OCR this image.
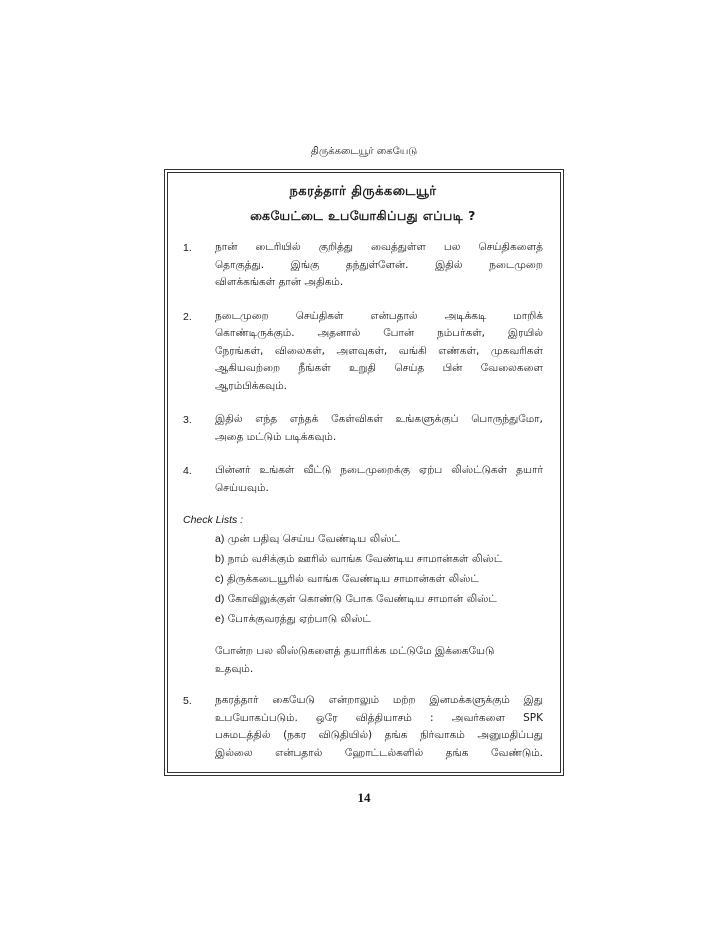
திருக்கடையூர் கையேடு
நகரத்தார் திருக்கடையூர்
கையேட்டை உபயோகிப்பது எப்படி ?
1.	நான் டைரியில் குறித்து வைத்துள்ள பல செய்திகளைத்
தொகுத்து. இங்கு தந்துள்ளேன். இதில் நடைமுறை
விளக்கங்கள் தான் அதிகம்.
2.	நடைமுறை செய்திகள் என்பதால் அடிக்கடி மாறிக்
கொண்டிருக்கும். அதனால் போன் நம்பர்கள், இரயில்
நேரங்கள், விலைகள், அளவுகள், வங்கி எண்கள், முகவரிகள்
ஆகியவற்றை நீங்கள் உறுதி செய்த பின் வேலைகளை
ஆரம்பிக்கவும்.
3.	இதில் எந்த எந்தக் கேள்விகள் உங்களுக்குப் பொருந்துமோ,
அதை மட்டும் படிக்கவும்.
4.	பின்னர் உங்கள் வீட்டு நடைமுறைக்கு ஏற்ப லிஸ்ட்டுகள் தயார்
செய்யவும்.
Check Lists :
a) முன் பதிவு செய்ய வேண்டிய லிஸ்ட்
b) நாம் வசிக்கும் ஊரில் வாங்க வேண்டிய சாமான்கள் லிஸ்ட்
c) திருக்கடையூரில் வாங்க வேண்டிய சாமான்கள் லிஸ்ட்
d) கோவிலுக்குள் கொண்டு போக வேண்டிய சாமான் லிஸ்ட்
e) போக்குவரத்து ஏற்பாடு லிஸ்ட்
போன்ற பல லிஸ்டுகளைத் தயாரிக்க மட்டுமே இக்கையேடு
உதவும்.
5.	நகரத்தார் கையேடு என்றாலும் மற்ற இனமக்களுக்கும் இது
உபயோகப்படும். ஒரே வித்தியாசம் : அவர்களை SPK
பசுமடத்தில் (நகர விடுதியில்) தங்க நிர்வாகம் அனுமதிப்பது
இல்லை என்பதால் ஹோட்டல்களில் தங்க வேண்டும்.
14
